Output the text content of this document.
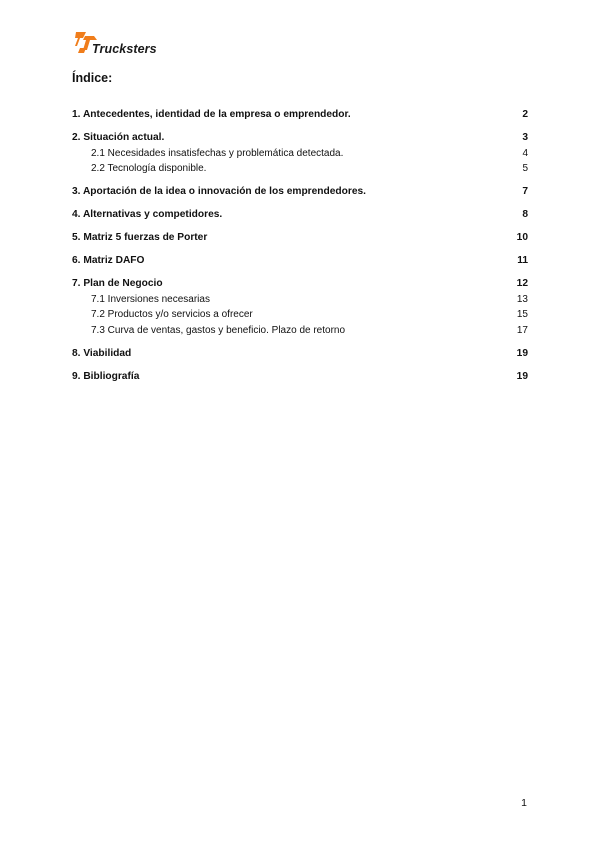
Trucksters
Índice:
1. Antecedentes, identidad de la empresa o emprendedor.	2
2. Situación actual.	3
2.1 Necesidades insatisfechas y problemática detectada.	4
2.2 Tecnología disponible.	5
3. Aportación de la idea o innovación de los emprendedores.	7
4. Alternativas y competidores.	8
5. Matriz 5 fuerzas de Porter	10
6. Matriz DAFO	11
7. Plan de Negocio	12
7.1 Inversiones necesarias	13
7.2 Productos y/o servicios a ofrecer	15
7.3 Curva de ventas, gastos y beneficio. Plazo de retorno	17
8. Viabilidad	19
9. Bibliografía	19
1
